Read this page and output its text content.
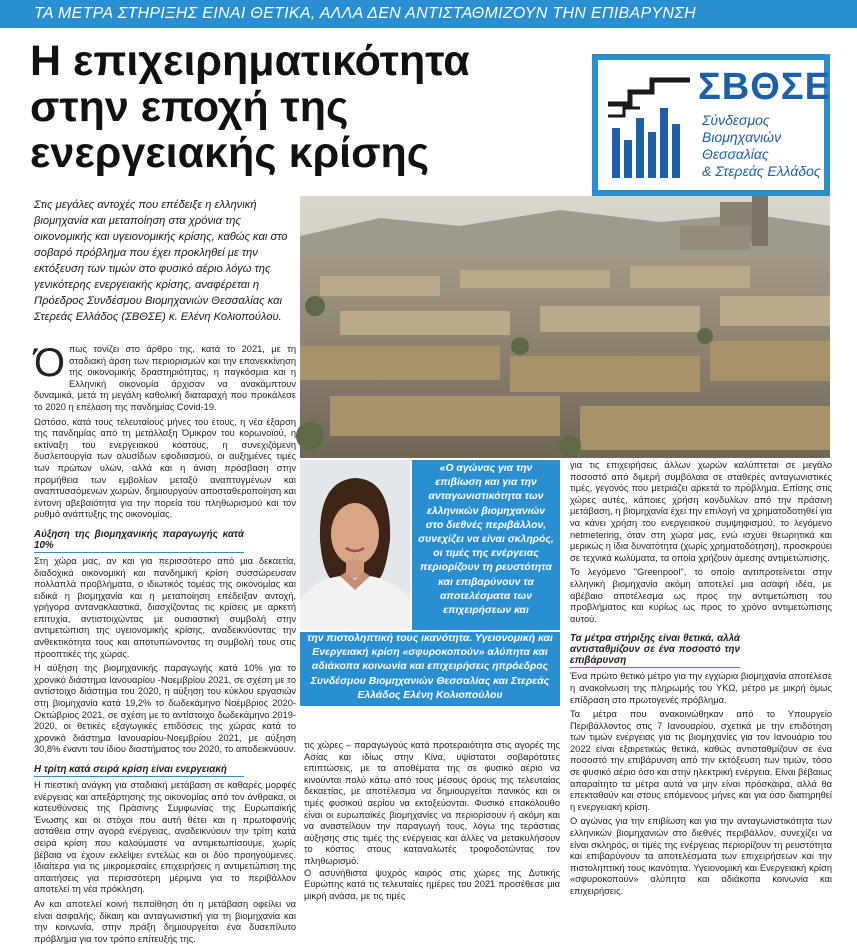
ΤΑ ΜΕΤΡΑ ΣΤΗΡΙΞΗΣ ΕΙΝΑΙ ΘΕΤΙΚΑ, ΑΛΛΑ ΔΕΝ ΑΝΤΙΣΤΑΘΜΙΖΟΥΝ ΤΗΝ ΕΠΙΒΑΡΥΝΣΗ
Η επιχειρηματικότητα
στην εποχή της
ενεργειακής κρίσης
ΣΒΘΣΕ
Σύνδεσμος Βιομηχανιών
Θεσσαλίας
& Στερεάς Ελλάδος
Στις μεγάλες αντοχές που επέδειξε η ελληνική βιομηχανία και μεταποίηση στα χρόνια της οικονομικής και υγειονομικής κρίσης, καθώς και στο σοβαρό πρόβλημα που έχει προκληθεί με την εκτόξευση των τιμών στο φυσικό αέριο λόγω της γενικότερης ενεργειακής κρίσης, αναφέρεται η Πρόεδρος Συνδέσμου Βιομηχανιών Θεσσαλίας και Στερεάς Ελλάδος (ΣΒΘΣΕ) κ. Ελένη Κολιοπούλου.

Όπως τονίζει στο άρθρο της, κατά το 2021, με τη σταδιακή άρση των περιορισμών και την επανεκκίνηση της οικονομικής δραστηριότητας, η παγκόσμια και η Ελληνική οικονομία άρχισαν να ανακάμπτουν δυναμικά, μετά τη μεγάλη καθολική διαταραχή που προκάλεσε το 2020 η επέλαση της πανδημίας Covid-19.

Ωστόσο, κατά τους τελευταίους μήνες του έτους, η νέα έξαρση της πανδημίας από τη μετάλλαξη Όμικρον του κορωνοϊού, η εκτίναξη του ενεργειακού κόστους, η συνεχιζόμενη δυσλειτουργία των αλυσίδων εφοδιασμού, οι αυξημένες τιμές των πρώτων υλών, αλλά και η άνιση πρόσβαση στην προμήθεια των εμβολίων μεταξύ αναπτυγμένων και αναπτυσσόμενων χωρών, δημιουργούν αποσταθεροποίηση και έντονη αβεβαιότητα για την πορεία του πληθωρισμού και τον ρυθμό ανάπτυξης της οικονομίας.

Αύξηση της βιομηχανικής παραγωγής κατά 10%

Στη χώρα μας, αν και για περισσότερο από μια δεκαετία, διαδοχικά οικονομική και πανδημική κρίση συσσώρευσαν πολλαπλά προβλήματα, ο ιδιωτικός τομέας της οικονομίας και ειδικά η βιομηχανία και η μεταποίηση επέδειξαν αντοχή, γρήγορα αντανακλαστικά, διασχίζοντας τις κρίσεις με αρκετή επιτυχία, αντιστοιχώντας με ουσιαστική συμβολή στην αντιμετώπιση της υγειονομικής κρίσης, αναδεικνύοντας την ανθεκτικότητα τους και αποτυπώνοντας τη συμβολή τους στις προοπτικές της χώρας.

Η αύξηση της βιομηχανικής παραγωγής κατά 10% για το χρονικό διάστημα Ιανουαρίου -Νοεμβρίου 2021, σε σχέση με το αντίστοιχο διάστημα του 2020, η αύξηση του κύκλου εργασιών στη βιομηχανία κατά 19,2% το δωδεκάμηνο Νοέμβριος 2020-Οκτώβριος 2021, σε σχέση με το αντίστοιχο δωδεκάμηνο 2019-2020, οι θετικές εξαγωγικές επιδόσεις της χώρας κατά το χρονικό διάστημα Ιανουαρίου-Νοεμβρίου 2021, με αύξηση 30,8% έναντι του ίδιου διαστήματος του 2020, το αποδεικνύουν.

Η τρίτη κατά σειρά κρίση είναι ενεργειακή

Η πιεστική ανάγκη για σταδιακή μετάβαση σε καθαρές μορφές ενέργειας και απεξάρτησης της οικονομίας από τον άνθρακα, οι κατευθύνσεις της Πράσινης Συμφωνίας της Ευρωπαϊκής Ένωσης και οι στόχοι που αυτή θέτει και η πρωτοφανής αστάθεια στην αγορά ενέργειας, αναδεικνύουν την τρίτη κατά σειρά κρίση που καλούμαστε να αντιμετωπίσουμε, χωρίς βέβαια να έχουν εκλείψει εντελώς και οι δύο προηγούμενες. Ιδιαίτερα για τις μικρομεσαίες επιχειρήσεις η αντιμετώπιση της απαιτήσεις για περισσότερη μέριμνα για το περιβάλλον αποτελεί τη νέα πρόκληση.

Αν και αποτελεί κοινή πεποίθηση ότι η μετάβαση οφείλει να είναι ασφαλής, δίκαιη και ανταγωνιστική για τη βιομηχανία και την κοινωνία, στην πράξη δημιουργείται ένα δυσεπίλυτο πρόβλημα για τον τρόπο επίτευξής της.

«Ο αγώνας για την επιβίωση και για την ανταγωνιστικότητα των ελληνικών βιομηχανιών στο διεθνές περιβάλλον, συνεχίζει να είναι σκληρός, οι τιμές της ενέργειας περιορίζουν τη ρευστότητα και επιβαρύνουν τα αποτελέσματα των επιχειρήσεων και
την πιστοληπτική τους ικανότητα. Υγειονομική και Ενεργειακή κρίση «σφυροκοπούν» αλύπητα και αδιάκοπα κοινωνία και επιχειρήσεις ηπρόεδρος Συνδέσμου Βιομηχανιών Θεσσαλίας και Στερεάς Ελλάδος Ελένη Κολιοπούλου

τις χώρες – παραγωγούς κατά προτεραιότητα στις αγορές της Ασίας και ιδίως στην Κίνα, υψίστατοι σοβαρότατες επιπτώσεις, με τα αποθέματα της σε φυσικό αέριο να κινούνται πολύ κάτω από τους μέσους όρους της τελευταίας δεκαετίας, με αποτέλεσμα να δημιουργείται πανικός και οι τιμές φυσικού αερίου να εκτοξεύονται. Φυσικό επακόλουθο είναι οι ευρωπαϊκές βιομηχανίες να περιορίσουν ή ακόμη και να αναστείλουν την παραγωγή τους, λόγω της τεράστιας αύξησης στις τιμές της ενέργειας και άλλες να μετακυλήσουν το κόστος στους καταναλωτές τροφοδοτώντας τον πληθωρισμό.

Ο ασυνήθιστα ψυχρός καιρός στις χώρες της Δυτικής Ευρώπης κατά τις τελευταίες ημέρες του 2021 προσέθεσε μια μικρή ανάσα, με τις τιμές

για τις επιχειρήσεις άλλων χωρών καλύπτεται σε μεγάλο ποσοστό από διμερή συμβόλαια σε σταθερές ανταγωνιστικές τιμές, γεγονός που μετριάζει αρκετά το πρόβλημα. Επίσης στις χώρες αυτές, κάποιες χρήση κονδυλίων από την πράσινη μετάβαση, η βιομηχανία έχει την επιλογή να χρηματοδοτηθεί για να κάνει χρήση του ενεργειακού συμψηφισμού, το λεγόμενο netmetering, όταν στη χώρα μας, ενώ ισχύει θεωρητικά και μερικώς η ίδια δυνατότητα (χωρίς χρηματοδότηση), προσκρούει σε τεχνικά κωλύματα, τα οποία χρήζουν άμεσης αντιμετώπισης.

Το λεγόμενο "Greenpool", το οποίο αντιπροτείνεται στην ελληνική βιομηχανία ακόμη αποτελεί μια ασαφή ιδέα, με αβέβαιο αποτέλεσμα ως προς την αντιμετώπιση του προβλήματος και κυρίως ως προς το χρόνο αντιμετώπισης αυτού.

Τα μέτρα στήριξης είναι θετικά, αλλά αντισταθμίζουν σε ένα ποσοστό την επιβάρυνση

Ένα πρώτο θετικό μέτρο για την εγχώρια βιομηχανία αποτέλεσε η ανακοίνωση της πληρωμής του ΥΚΩ, μέτρο με μικρή όμως επίδραση στο πρωτογενές πρόβλημα.

Τα μέτρα που ανακοινώθηκαν από το Υπουργείο Περιβάλλοντος στις 7 Ιανουαρίου, σχετικά με την επιδότηση των τιμών ενέργειας για τις βιομηχανίες για τον Ιανουάριο του 2022 είναι εξαιρετικώς θετικά, καθώς αντισταθμίζουν σε ένα ποσοστό την επιβάρυνση από την εκτόξευση των τιμών, τόσο σε φυσικό αέριο όσο και στην ηλεκτρική ενέργεια. Είναι βέβαιως απαραίτητο τα μέτρα αυτά να μην είναι πρόσκαιρα, αλλά θα επεκταθούν και στους επόμενους μήνες και για όσο διατηρηθεί η ενεργειακή κρίση.

Ο αγώνας για την επιβίωση και για την ανταγωνιστικότητα των ελληνικών βιομηχανιών στο διεθνές περιβάλλον, συνεχίζει να είναι σκληρός, οι τιμές της ενέργειας περιορίζουν τη ρευστότητα και επιβαρύνουν τα αποτελέσματα των επιχειρήσεων και την πιστοληπτική τους ικανότητα. Υγειονομική και Ενεργειακή κρίση «σφυροκοπούν» αλύπητα και αδιάκοπα κοινωνία και επιχειρήσεις.
